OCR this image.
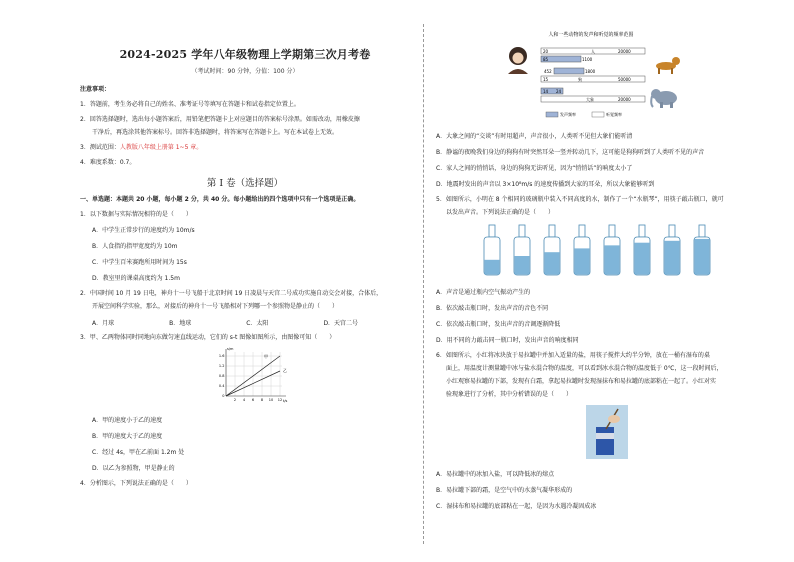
2024-2025 学年八年级物理上学期第三次月考卷
（考试时间：90 分钟，分值：100 分）
注意事项：
1．答题前，考生务必将自己的姓名、准考证号等填写在答题卡和试卷指定位置上。
2．回答选择题时，选出每小题答案后，用铅笔把答题卡上对应题目的答案标号涂黑。如需改动，用橡皮擦
干净后，再选涂其他答案标号。回答非选择题时，将答案写在答题卡上。写在本试卷上无效。
3．测试范围：人教版八年级上册第 1~5 章。
4．难度系数：0.7。
第 I 卷（选择题）
一、单选题：本题共 20 小题，每小题 2 分，共 40 分。每小题给出的四个选项中只有一个选项是正确。
1．以下数据与实际情况相符的是（　　）
A．中学生正常步行的速度约为 10m/s
B．人食指的指甲宽度约为 10m
C．中学生百米赛跑所用时间为 15s
D．教室里的课桌高度约为 1.5m
2．中国时间 10 月 19 日电，神舟十一号飞船于北京时间 19 日凌晨与天宫二号成功实施自动交会对接，合体后，
开展空间科学实验，那么，对接后的神舟十一号飞船相对下列哪一个参照物是静止的（　　）
A．月球	B．地球	C．太阳	D．天宫二号
3．甲、乙两物体同时同地向东做匀速直线运动，它们的 s-t 图像如图所示，由图像可知（　　）
s/m
t/s
1.6
1.2
0.8
0.4
0
2 4 6 8 10 12
甲
乙
A．甲的速度小于乙的速度
B．甲的速度大于乙的速度
C．经过 4s，甲在乙前面 1.2m 处
D．以乙为参照物，甲是静止的
4．分析图示，下列说法正确的是（　　）
人和一些动物的发声和听觉的频率范围
20	人	20000
85	1100
452	1800
15	狗	50000
14 24
大象	20000
发声频率	听觉频率
A．大象之间的“交谈”有时用超声，声音很小，人类听不见但大象们能听清
B．静谧的夜晚我们身边的狗狗有时突然耳朵一竖并转动几下，这可能是狗狗听到了人类听不见的声音
C．家人之间的悄悄话，身边的狗狗无法听见，因为“悄悄话”的响度太小了
D．地震时发出的声音以 3×10⁸m/s 的速度传播到大家的耳朵，所以大象能够听到
5．如图所示，小明在 8 个相同的玻璃瓶中装入不同高度的水，制作了一个“水瓶琴”，用筷子敲击瓶口，就可
以发出声音。下列说法正确的是（　　）
A．声音是通过瓶内空气振动产生的
B．依次敲击瓶口时，发出声音的音色不同
C．依次敲击瓶口时，发出声音的音调逐渐降低
D．用不同的力敲击同一瓶口时，发出声音的响度相同
6．如图所示，小红将冰块放于易拉罐中并加入适量的盐，用筷子搅拌大约半分钟，放在一桶有湿布的桌
面上，用温度计测量罐中冰与盐水混合物的温度，可以看到冰水混合物的温度低于 0℃，这一段时间后，
小红观察易拉罐的下部，发现有白霜，拿起易拉罐时发现湿抹布和易拉罐的底部粘在一起了。小红对实
验现象进行了分析，其中分析错误的是（　　）
A．易拉罐中的冰加入盐，可以降低冰的熔点
B．易拉罐下部的霜，是空气中的水蒸气凝华形成的
C．湿抹布和易拉罐的底部粘在一起，是因为水遇冷凝固成冰
